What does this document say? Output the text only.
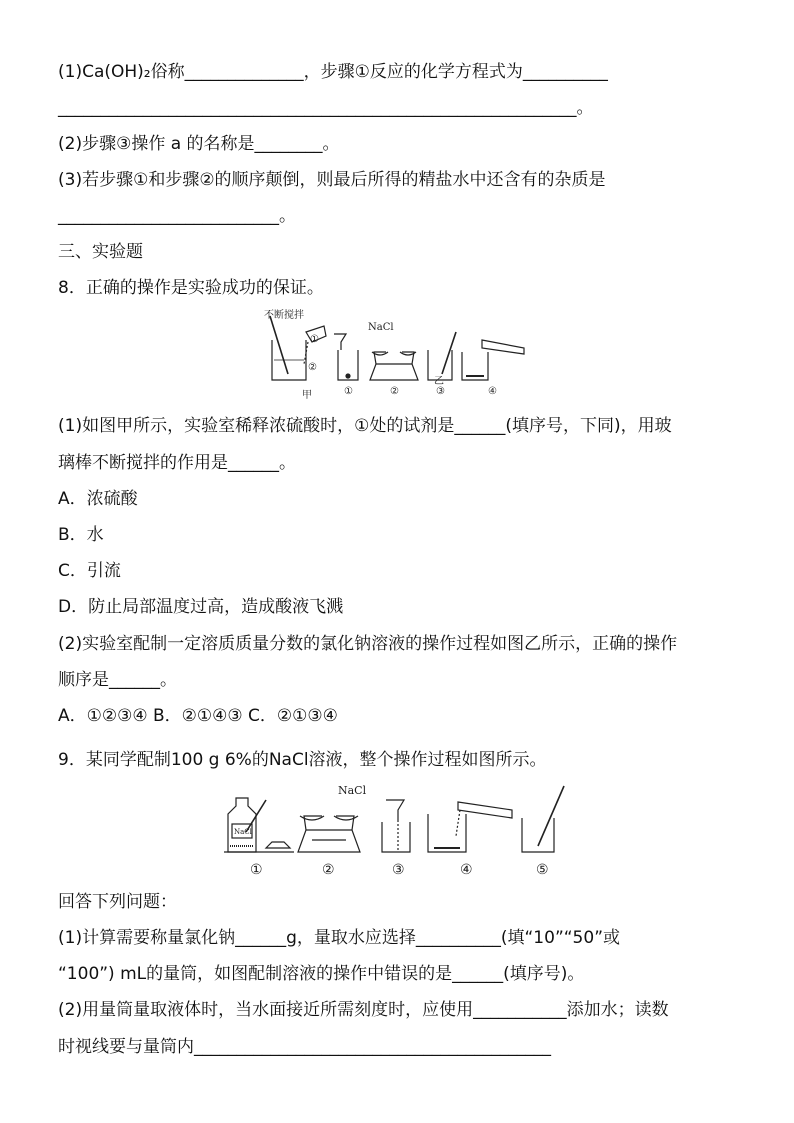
(1)Ca(OH)₂俗称______________，步骤①反应的化学方程式为__________
_____________________________________________________________。
(2)步骤③操作 a 的名称是________。
(3)若步骤①和步骤②的顺序颠倒，则最后所得的精盐水中还含有的杂质是
__________________________。
三、实验题
8．正确的操作是实验成功的保证。
不断搅拌
NaCl
①
②
①	②	③	④
甲
乙
(1)如图甲所示，实验室稀释浓硫酸时，①处的试剂是______(填序号，下同)，用玻
璃棒不断搅拌的作用是______。
A．浓硫酸
B．水
C．引流
D．防止局部温度过高，造成酸液飞溅
(2)实验室配制一定溶质质量分数的氯化钠溶液的操作过程如图乙所示，正确的操作
顺序是______。
A．①②③④ B．②①④③ C．②①③④
9．某同学配制100 g 6%的NaCl溶液，整个操作过程如图所示。
NaCl
NaCl
①	②	③	④	⑤
回答下列问题：
(1)计算需要称量氯化钠______g，量取水应选择__________(填“10”“50”或
“100”) mL的量筒，如图配制溶液的操作中错误的是______(填序号)。
(2)用量筒量取液体时，当水面接近所需刻度时，应使用___________添加水；读数
时视线要与量筒内__________________________________________
